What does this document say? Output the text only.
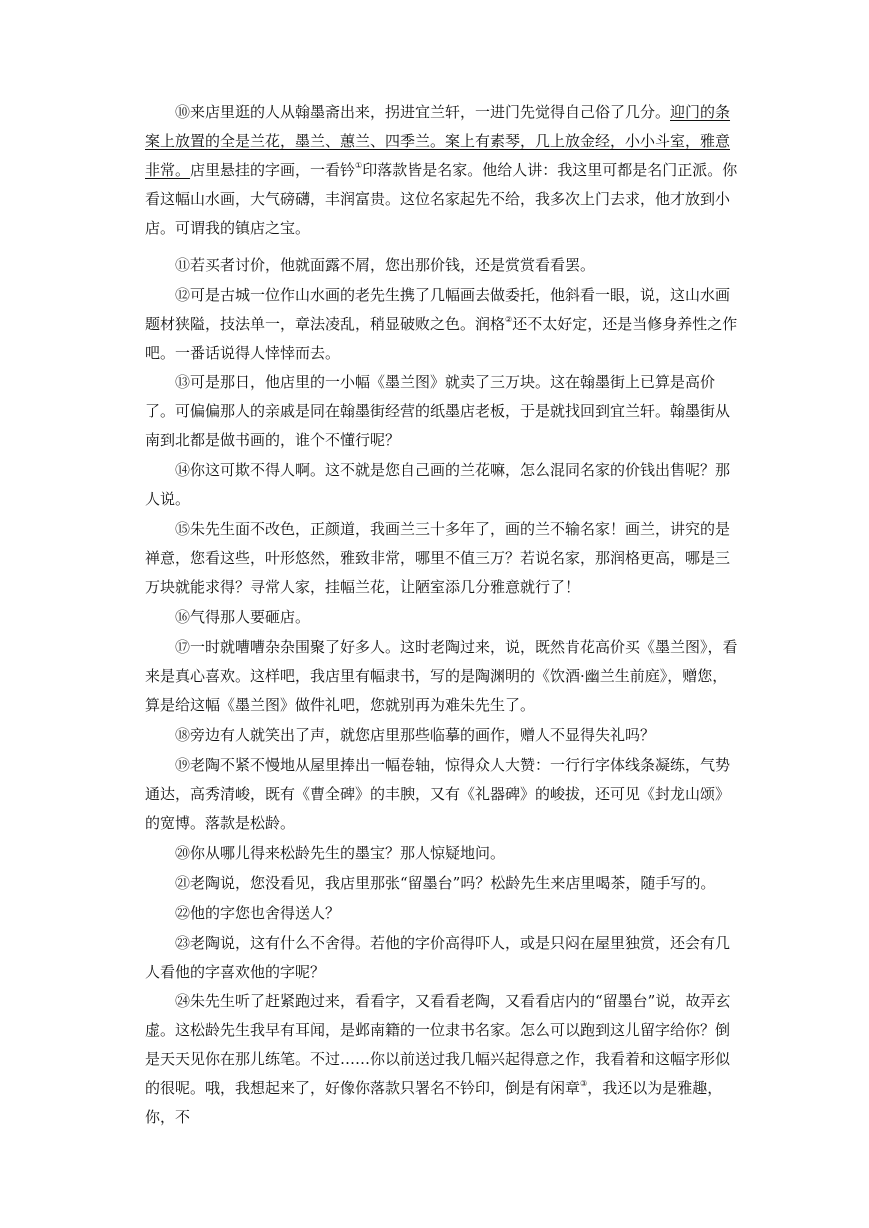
⑩来店里逛的人从翰墨斋出来，拐进宜兰轩，一进门先觉得自己俗了几分。迎门的条案上放置的全是兰花，墨兰、蕙兰、四季兰。案上有素琴，几上放金经，小小斗室，雅意非常。店里悬挂的字画，一看钤①印落款皆是名家。他给人讲：我这里可都是名门正派。你看这幅山水画，大气磅礴，丰润富贵。这位名家起先不给，我多次上门去求，他才放到小店。可谓我的镇店之宝。

⑪若买者讨价，他就面露不屑，您出那价钱，还是赏赏看看罢。

⑫可是古城一位作山水画的老先生携了几幅画去做委托，他斜看一眼，说，这山水画题材狭隘，技法单一，章法凌乱，稍显破败之色。润格②还不太好定，还是当修身养性之作吧。一番话说得人悻悻而去。

⑬可是那日，他店里的一小幅《墨兰图》就卖了三万块。这在翰墨街上已算是高价了。可偏偏那人的亲戚是同在翰墨街经营的纸墨店老板，于是就找回到宜兰轩。翰墨街从南到北都是做书画的，谁个不懂行呢？

⑭你这可欺不得人啊。这不就是您自己画的兰花嘛，怎么混同名家的价钱出售呢？那人说。

⑮朱先生面不改色，正颜道，我画兰三十多年了，画的兰不输名家！画兰，讲究的是禅意，您看这些，叶形悠然，雅致非常，哪里不值三万？若说名家，那润格更高，哪是三万块就能求得？寻常人家，挂幅兰花，让陋室添几分雅意就行了！

⑯气得那人要砸店。

⑰一时就嘈嘈杂杂围聚了好多人。这时老陶过来，说，既然肯花高价买《墨兰图》，看来是真心喜欢。这样吧，我店里有幅隶书，写的是陶渊明的《饮酒·幽兰生前庭》，赠您，算是给这幅《墨兰图》做件礼吧，您就别再为难朱先生了。

⑱旁边有人就笑出了声，就您店里那些临摹的画作，赠人不显得失礼吗？

⑲老陶不紧不慢地从屋里捧出一幅卷轴，惊得众人大赞：一行行字体线条凝练，气势通达，高秀清峻，既有《曹全碑》的丰腴，又有《礼器碑》的峻拔，还可见《封龙山颂》的宽博。落款是松龄。

⑳你从哪儿得来松龄先生的墨宝？那人惊疑地问。

㉑老陶说，您没看见，我店里那张“留墨台”吗？松龄先生来店里喝茶，随手写的。

㉒他的字您也舍得送人？

㉓老陶说，这有什么不舍得。若他的字价高得吓人，或是只闷在屋里独赏，还会有几人看他的字喜欢他的字呢？

㉔朱先生听了赶紧跑过来，看看字，又看看老陶，又看看店内的“留墨台”说，故弄玄虚。这松龄先生我早有耳闻，是邺南籍的一位隶书名家。怎么可以跑到这儿留字给你？倒是天天见你在那儿练笔。不过……你以前送过我几幅兴起得意之作，我看着和这幅字形似的很呢。哦，我想起来了，好像你落款只署名不钤印，倒是有闲章③，我还以为是雅趣，你，不
